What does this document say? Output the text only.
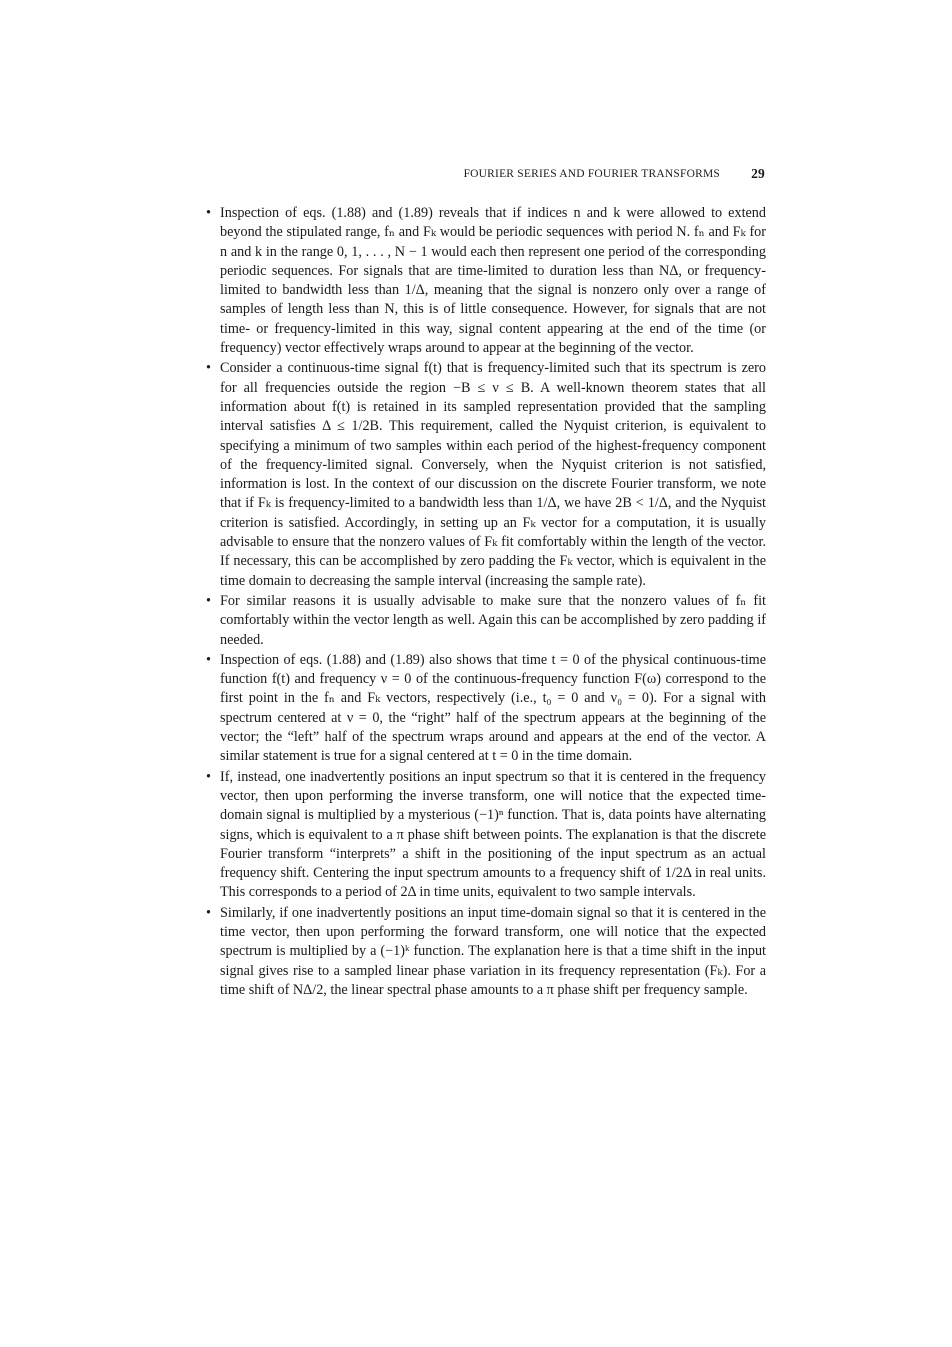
FOURIER SERIES AND FOURIER TRANSFORMS 29
• Inspection of eqs. (1.88) and (1.89) reveals that if indices n and k were allowed to extend beyond the stipulated range, fₙ and Fₖ would be periodic sequences with period N. fₙ and Fₖ for n and k in the range 0, 1, . . . , N − 1 would each then represent one period of the corresponding periodic sequences. For signals that are time-limited to duration less than NΔ, or frequency-limited to bandwidth less than 1/Δ, meaning that the signal is nonzero only over a range of samples of length less than N, this is of little consequence. However, for signals that are not time- or frequency-limited in this way, signal content appearing at the end of the time (or frequency) vector effectively wraps around to appear at the beginning of the vector.
• Consider a continuous-time signal f(t) that is frequency-limited such that its spectrum is zero for all frequencies outside the region −B ≤ ν ≤ B. A well-known theorem states that all information about f(t) is retained in its sampled representation provided that the sampling interval satisfies Δ ≤ 1/2B. This requirement, called the Nyquist criterion, is equivalent to specifying a minimum of two samples within each period of the highest-frequency component of the frequency-limited signal. Conversely, when the Nyquist criterion is not satisfied, information is lost. In the context of our discussion on the discrete Fourier transform, we note that if Fₖ is frequency-limited to a bandwidth less than 1/Δ, we have 2B < 1/Δ, and the Nyquist criterion is satisfied. Accordingly, in setting up an Fₖ vector for a computation, it is usually advisable to ensure that the nonzero values of Fₖ fit comfortably within the length of the vector. If necessary, this can be accomplished by zero padding the Fₖ vector, which is equivalent in the time domain to decreasing the sample interval (increasing the sample rate).
• For similar reasons it is usually advisable to make sure that the nonzero values of fₙ fit comfortably within the vector length as well. Again this can be accomplished by zero padding if needed.
• Inspection of eqs. (1.88) and (1.89) also shows that time t = 0 of the physical continuous-time function f(t) and frequency ν = 0 of the continuous-frequency function F(ω) correspond to the first point in the fₙ and Fₖ vectors, respectively (i.e., t₀ = 0 and ν₀ = 0). For a signal with spectrum centered at ν = 0, the “right” half of the spectrum appears at the beginning of the vector; the “left” half of the spectrum wraps around and appears at the end of the vector. A similar statement is true for a signal centered at t = 0 in the time domain.
• If, instead, one inadvertently positions an input spectrum so that it is centered in the frequency vector, then upon performing the inverse transform, one will notice that the expected time-domain signal is multiplied by a mysterious (−1)ⁿ function. That is, data points have alternating signs, which is equivalent to a π phase shift between points. The explanation is that the discrete Fourier transform “interprets” a shift in the positioning of the input spectrum as an actual frequency shift. Centering the input spectrum amounts to a frequency shift of 1/2Δ in real units. This corresponds to a period of 2Δ in time units, equivalent to two sample intervals.
• Similarly, if one inadvertently positions an input time-domain signal so that it is centered in the time vector, then upon performing the forward transform, one will notice that the expected spectrum is multiplied by a (−1)ᵏ function. The explanation here is that a time shift in the input signal gives rise to a sampled linear phase variation in its frequency representation (Fₖ). For a time shift of NΔ/2, the linear spectral phase amounts to a π phase shift per frequency sample.
